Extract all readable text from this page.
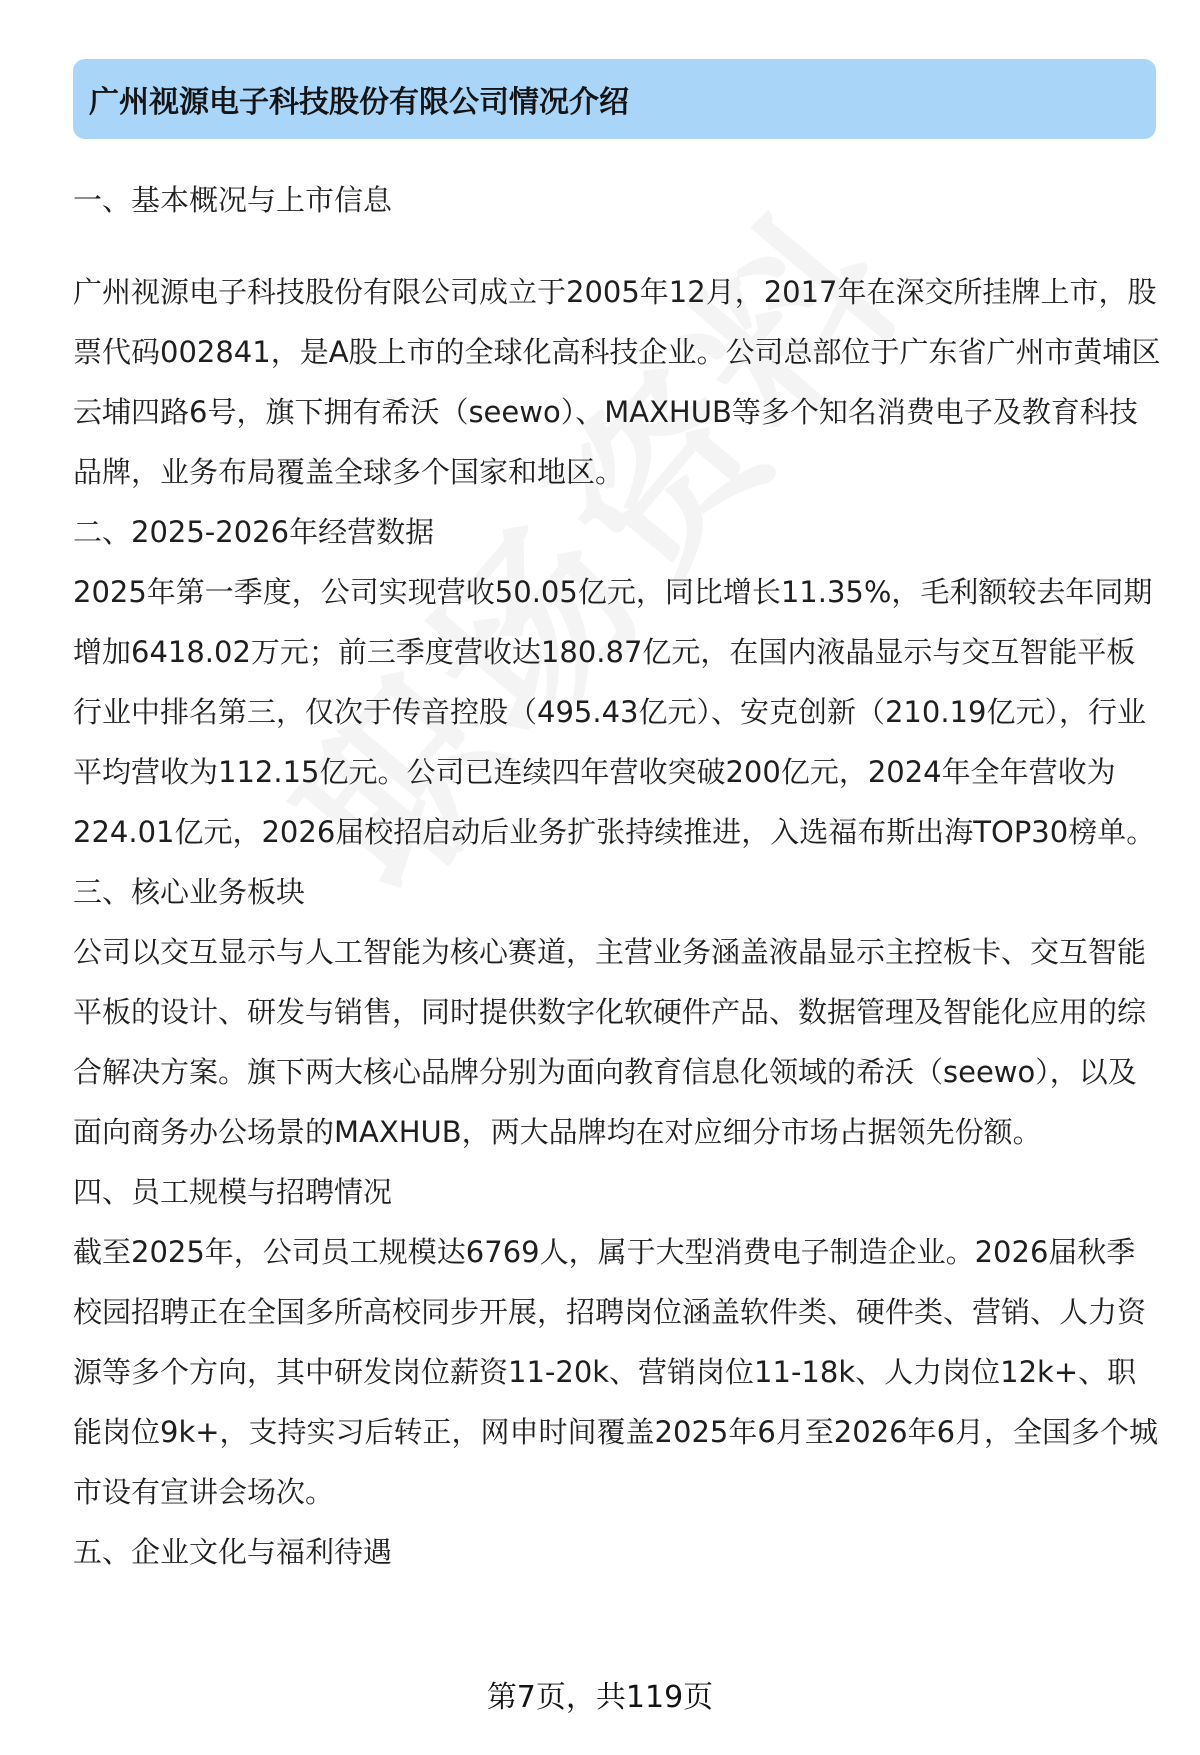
广州视源电子科技股份有限公司情况介绍

一、基本概况与上市信息

广州视源电子科技股份有限公司成立于2005年12月，2017年在深交所挂牌上市，股票代码002841，是A股上市的全球化高科技企业。公司总部位于广东省广州市黄埔区云埔四路6号，旗下拥有希沃（seewo）、MAXHUB等多个知名消费电子及教育科技品牌，业务布局覆盖全球多个国家和地区。

二、2025-2026年经营数据

2025年第一季度，公司实现营收50.05亿元，同比增长11.35%，毛利额较去年同期增加6418.02万元；前三季度营收达180.87亿元，在国内液晶显示与交互智能平板行业中排名第三，仅次于传音控股（495.43亿元）、安克创新（210.19亿元），行业平均营收为112.15亿元。公司已连续四年营收突破200亿元，2024年全年营收为224.01亿元，2026届校招启动后业务扩张持续推进，入选福布斯出海TOP30榜单。

三、核心业务板块

公司以交互显示与人工智能为核心赛道，主营业务涵盖液晶显示主控板卡、交互智能平板的设计、研发与销售，同时提供数字化软硬件产品、数据管理及智能化应用的综合解决方案。旗下两大核心品牌分别为面向教育信息化领域的希沃（seewo），以及面向商务办公场景的MAXHUB，两大品牌均在对应细分市场占据领先份额。

四、员工规模与招聘情况

截至2025年，公司员工规模达6769人，属于大型消费电子制造企业。2026届秋季校园招聘正在全国多所高校同步开展，招聘岗位涵盖软件类、硬件类、营销、人力资源等多个方向，其中研发岗位薪资11-20k、营销岗位11-18k、人力岗位12k+、职能岗位9k+，支持实习后转正，网申时间覆盖2025年6月至2026年6月，全国多个城市设有宣讲会场次。

五、企业文化与福利待遇

第7页，共119页
